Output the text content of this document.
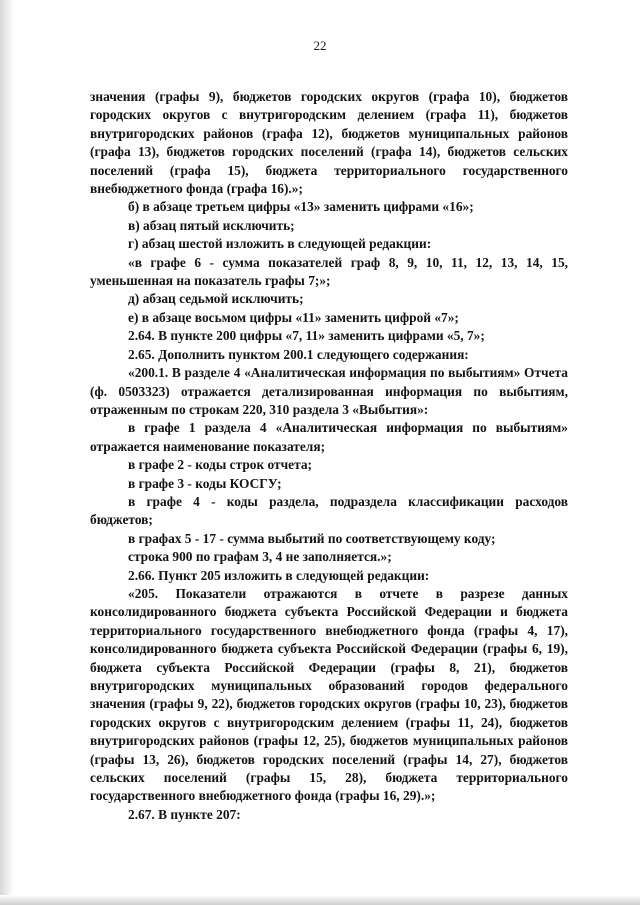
22

значения (графы 9), бюджетов городских округов (графа 10), бюджетов городских округов с внутригородским делением (графа 11), бюджетов внутригородских районов (графа 12), бюджетов муниципальных районов (графа 13), бюджетов городских поселений (графа 14), бюджетов сельских поселений (графа 15), бюджета территориального государственного внебюджетного фонда (графа 16).»;

б) в абзаце третьем цифры «13» заменить цифрами «16»;

в) абзац пятый исключить;

г) абзац шестой изложить в следующей редакции:

«в графе 6 - сумма показателей граф 8, 9, 10, 11, 12, 13, 14, 15, уменьшенная на показатель графы 7;»;

д) абзац седьмой исключить;

е) в абзаце восьмом цифры «11» заменить цифрой «7»;

2.64. В пункте 200 цифры «7, 11» заменить цифрами «5, 7»;

2.65. Дополнить пунктом 200.1 следующего содержания:

«200.1. В разделе 4 «Аналитическая информация по выбытиям» Отчета (ф. 0503323) отражается детализированная информация по выбытиям, отраженным по строкам 220, 310 раздела 3 «Выбытия»:

в графе 1 раздела 4 «Аналитическая информация по выбытиям» отражается наименование показателя;

в графе 2 - коды строк отчета;

в графе 3 - коды КОСГУ;

в графе 4 - коды раздела, подраздела классификации расходов бюджетов;

в графах 5 - 17 - сумма выбытий по соответствующему коду;

строка 900 по графам 3, 4 не заполняется.»;

2.66. Пункт 205 изложить в следующей редакции:

«205. Показатели отражаются в отчете в разрезе данных консолидированного бюджета субъекта Российской Федерации и бюджета территориального государственного внебюджетного фонда (графы 4, 17), консолидированного бюджета субъекта Российской Федерации (графы 6, 19), бюджета субъекта Российской Федерации (графы 8, 21), бюджетов внутригородских муниципальных образований городов федерального значения (графы 9, 22), бюджетов городских округов (графы 10, 23), бюджетов городских округов с внутригородским делением (графы 11, 24), бюджетов внутригородских районов (графы 12, 25), бюджетов муниципальных районов (графы 13, 26), бюджетов городских поселений (графы 14, 27), бюджетов сельских поселений (графы 15, 28), бюджета территориального государственного внебюджетного фонда (графы 16, 29).»;

2.67. В пункте 207:
